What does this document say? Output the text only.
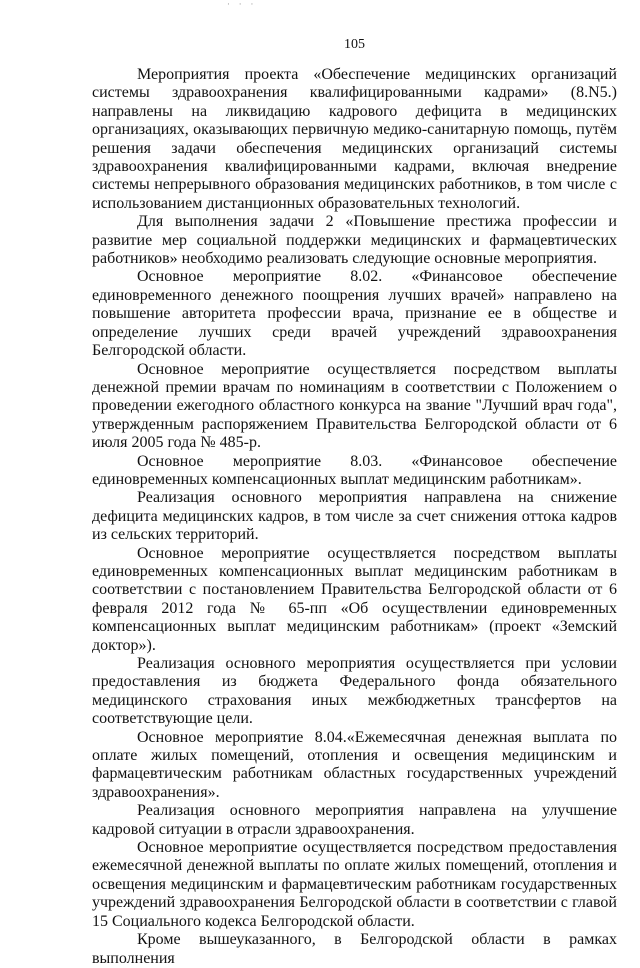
· · ·
105

Мероприятия проекта «Обеспечение медицинских организаций системы здравоохранения квалифицированными кадрами» (8.N5.) направлены на ликвидацию кадрового дефицита в медицинских организациях, оказывающих первичную медико-санитарную помощь, путём решения задачи обеспечения медицинских организаций системы здравоохранения квалифицированными кадрами, включая внедрение системы непрерывного образования медицинских работников, в том числе с использованием дистанционных образовательных технологий.

Для выполнения задачи 2 «Повышение престижа профессии и развитие мер социальной поддержки медицинских и фармацевтических работников» необходимо реализовать следующие основные мероприятия.

Основное мероприятие 8.02. «Финансовое обеспечение единовременного денежного поощрения лучших врачей» направлено на повышение авторитета профессии врача, признание ее в обществе и определение лучших среди врачей учреждений здравоохранения Белгородской области.

Основное мероприятие осуществляется посредством выплаты денежной премии врачам по номинациям в соответствии с Положением о проведении ежегодного областного конкурса на звание "Лучший врач года", утвержденным распоряжением Правительства Белгородской области от 6 июля 2005 года № 485-р.

Основное мероприятие 8.03. «Финансовое обеспечение единовременных компенсационных выплат медицинским работникам».

Реализация основного мероприятия направлена на снижение дефицита медицинских кадров, в том числе за счет снижения оттока кадров из сельских территорий.

Основное мероприятие осуществляется посредством выплаты единовременных компенсационных выплат медицинским работникам в соответствии с постановлением Правительства Белгородской области от 6 февраля 2012 года № 65-пп «Об осуществлении единовременных компенсационных выплат медицинским работникам» (проект «Земский доктор»).

Реализация основного мероприятия осуществляется при условии предоставления из бюджета Федерального фонда обязательного медицинского страхования иных межбюджетных трансфертов на соответствующие цели.

Основное мероприятие 8.04.«Ежемесячная денежная выплата по оплате жилых помещений, отопления и освещения медицинским и фармацевтическим работникам областных государственных учреждений здравоохранения».

Реализация основного мероприятия направлена на улучшение кадровой ситуации в отрасли здравоохранения.

Основное мероприятие осуществляется посредством предоставления ежемесячной денежной выплаты по оплате жилых помещений, отопления и освещения медицинским и фармацевтическим работникам государственных учреждений здравоохранения Белгородской области в соответствии с главой 15 Социального кодекса Белгородской области.

Кроме вышеуказанного, в Белгородской области в рамках выполнения
